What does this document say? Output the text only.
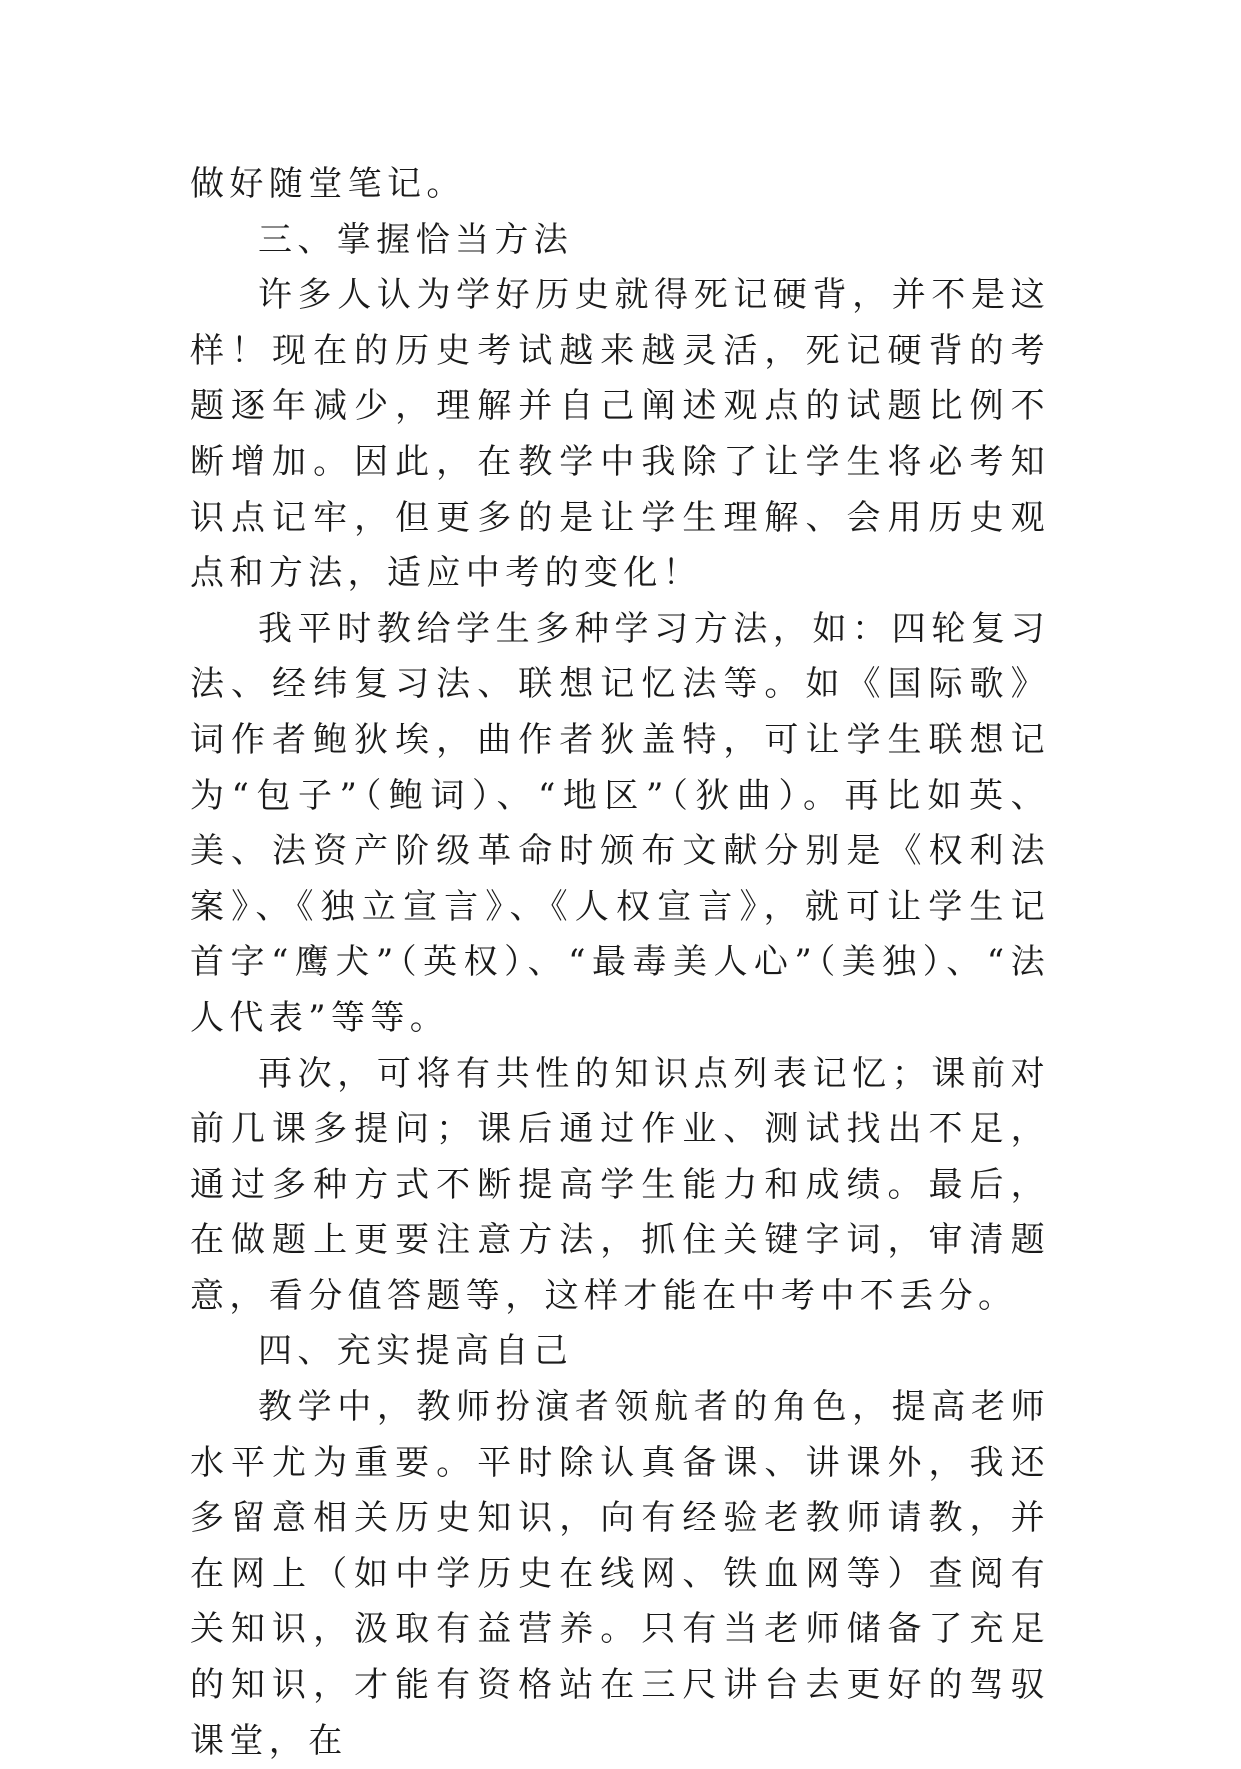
做好随堂笔记。

三、掌握恰当方法

许多人认为学好历史就得死记硬背，并不是这样！现在的历史考试越来越灵活，死记硬背的考题逐年减少，理解并自己阐述观点的试题比例不断增加。因此，在教学中我除了让学生将必考知识点记牢，但更多的是让学生理解、会用历史观点和方法，适应中考的变化！

我平时教给学生多种学习方法，如：四轮复习法、经纬复习法、联想记忆法等。如《国际歌》词作者鲍狄埃，曲作者狄盖特，可让学生联想记为“包子”（鲍词）、“地区”（狄曲）。再比如英、美、法资产阶级革命时颁布文献分别是《权利法案》、《独立宣言》、《人权宣言》，就可让学生记首字“鹰犬”（英权）、“最毒美人心”（美独）、“法人代表”等等。

再次，可将有共性的知识点列表记忆；课前对前几课多提问；课后通过作业、测试找出不足，通过多种方式不断提高学生能力和成绩。最后，在做题上更要注意方法，抓住关键字词，审清题意，看分值答题等，这样才能在中考中不丢分。

四、充实提高自己

教学中，教师扮演者领航者的角色，提高老师水平尤为重要。平时除认真备课、讲课外，我还多留意相关历史知识，向有经验老教师请教，并在网上（如中学历史在线网、铁血网等）查阅有关知识，汲取有益营养。只有当老师储备了充足的知识，才能有资格站在三尺讲台去更好的驾驭课堂，在
